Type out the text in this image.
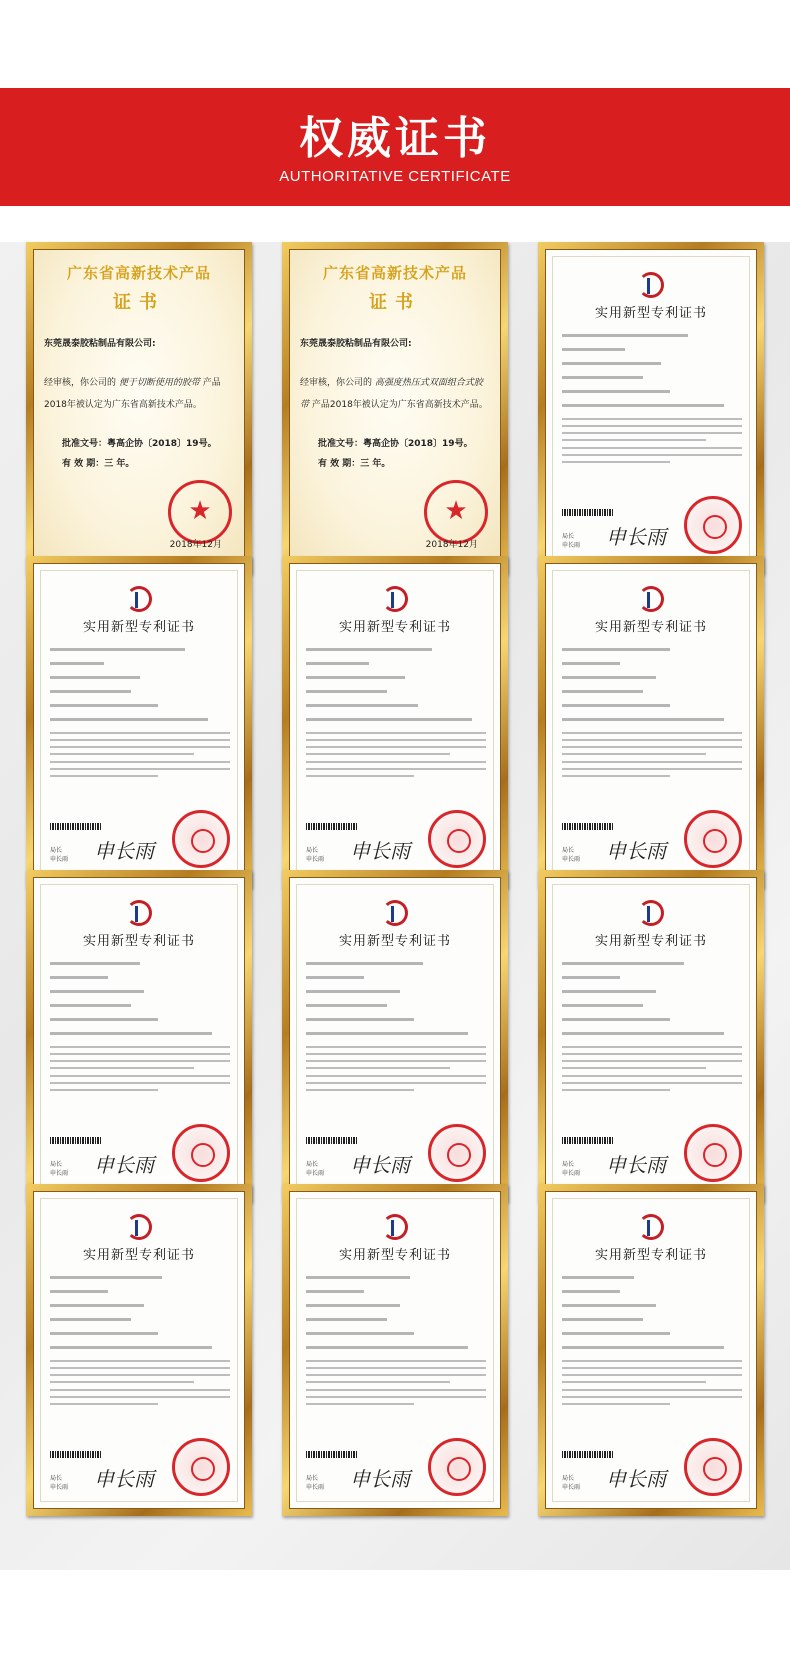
权威证书
AUTHORITATIVE CERTIFICATE
广东省高新技术产品
证书
东莞晟泰胶粘制品有限公司:
经审核，你公司的 便于切断使用的胶带 产品2018年被认定为广东省高新技术产品。
批准文号：粤高企协〔2018〕19号。
有 效 期：三 年。
★
2018年12月
广东省高新技术产品
证书
东莞晟泰胶粘制品有限公司:
经审核，你公司的 高强度热压式双面组合式胶带 产品2018年被认定为广东省高新技术产品。
批准文号：粤高企协〔2018〕19号。
有 效 期：三 年。
★
2018年12月
实用新型专利证书
局长
申长雨 申长雨
实用新型专利证书
局长
申长雨 申长雨
实用新型专利证书
局长
申长雨 申长雨
实用新型专利证书
局长
申长雨 申长雨
实用新型专利证书
局长
申长雨 申长雨
实用新型专利证书
局长
申长雨 申长雨
实用新型专利证书
局长
申长雨 申长雨
实用新型专利证书
局长
申长雨 申长雨
实用新型专利证书
局长
申长雨 申长雨
实用新型专利证书
局长
申长雨 申长雨
